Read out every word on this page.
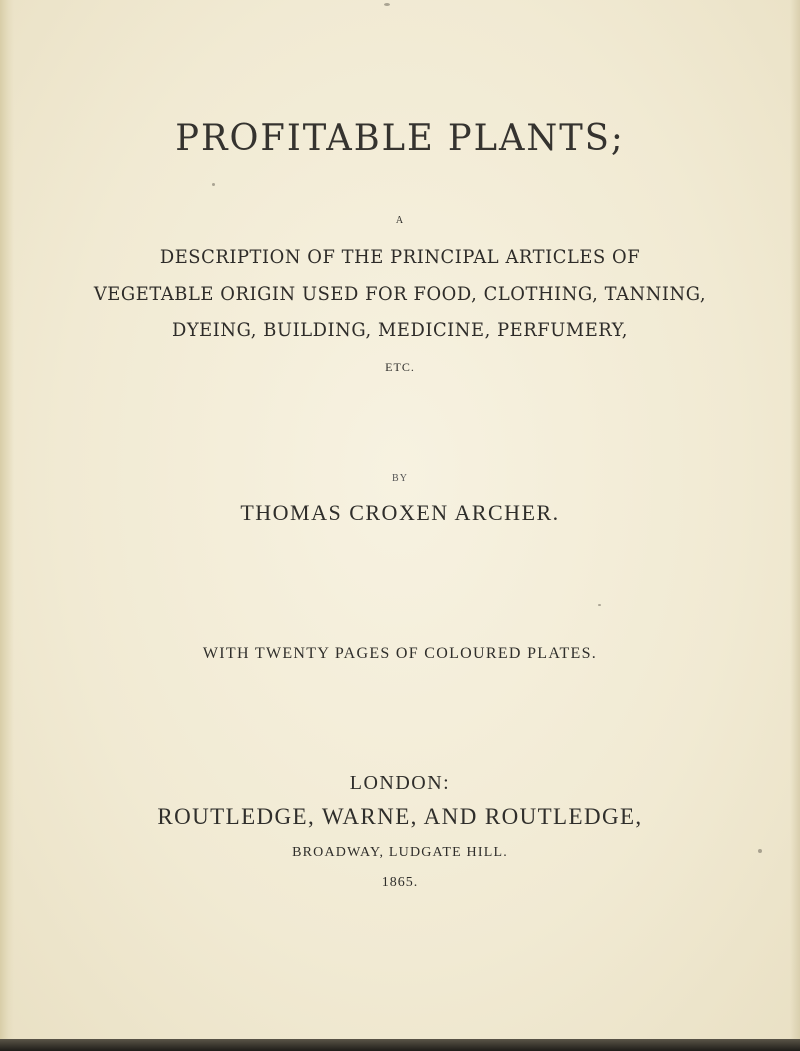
PROFITABLE PLANTS;
A
DESCRIPTION OF THE PRINCIPAL ARTICLES OF
VEGETABLE ORIGIN USED FOR FOOD, CLOTHING, TANNING,
DYEING, BUILDING, MEDICINE, PERFUMERY,
ETC.
BY
THOMAS CROXEN ARCHER.
WITH TWENTY PAGES OF COLOURED PLATES.
LONDON:
ROUTLEDGE, WARNE, AND ROUTLEDGE,
BROADWAY, LUDGATE HILL.
1865.
